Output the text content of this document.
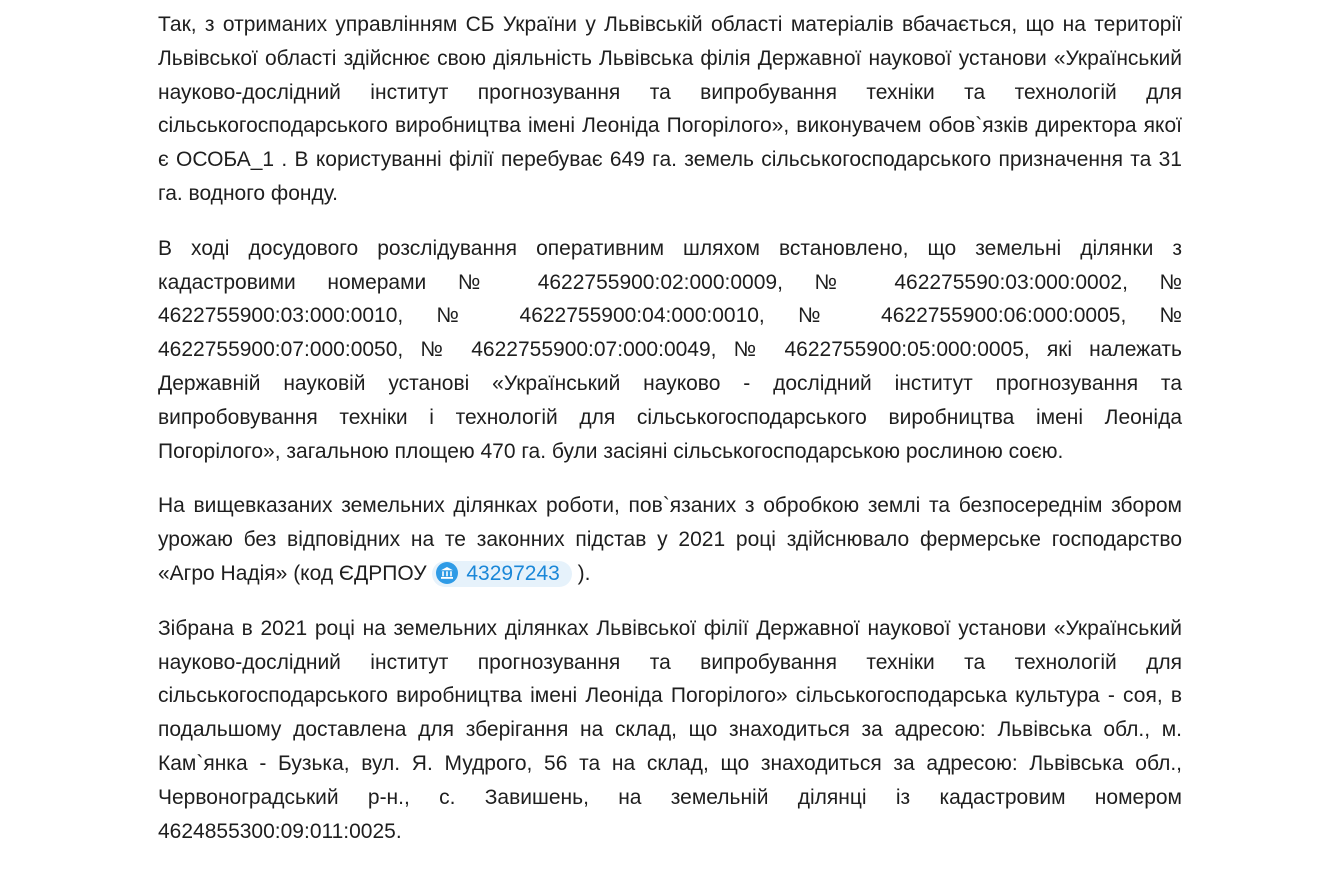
Так, з отриманих управлінням СБ України у Львівській області матеріалів вбачається, що на території Львівської області здійснює свою діяльність Львівська філія Державної наукової установи «Український науково-дослідний інститут прогнозування та випробування техніки та технологій для сільськогосподарського виробництва імені Леоніда Погорілого», виконувачем обов`язків директора якої є ОСОБА_1 . В користуванні філії перебуває 649 га. земель сільськогосподарського призначення та 31 га. водного фонду.

В ході досудового розслідування оперативним шляхом встановлено, що земельні ділянки з кадастровими номерами № 4622755900:02:000:0009, № 462275590:03:000:0002, № 4622755900:03:000:0010, № 4622755900:04:000:0010, № 4622755900:06:000:0005, № 4622755900:07:000:0050, № 4622755900:07:000:0049, № 4622755900:05:000:0005, які належать Державній науковій установі «Український науково - дослідний інститут прогнозування та випробовування техніки і технологій для сільськогосподарського виробництва імені Леоніда Погорілого», загальною площею 470 га. були засіяні сільськогосподарською рослиною соєю.

На вищевказаних земельних ділянках роботи, пов`язаних з обробкою землі та безпосереднім збором урожаю без відповідних на те законних підстав у 2021 році здійснювало фермерське господарство «Агро Надія» (код ЄДРПОУ
43297243 ).

Зібрана в 2021 році на земельних ділянках Львівської філії Державної наукової установи «Український науково-дослідний інститут прогнозування та випробування техніки та технологій для сільськогосподарського виробництва імені Леоніда Погорілого» сільськогосподарська культура - соя, в подальшому доставлена для зберігання на склад, що знаходиться за адресою: Львівська обл., м. Кам`янка - Бузька, вул. Я. Мудрого, 56 та на склад, що знаходиться за адресою: Львівська обл., Червоноградський р-н., с. Завишень, на земельній ділянці із кадастровим номером 4624855300:09:011:0025.
